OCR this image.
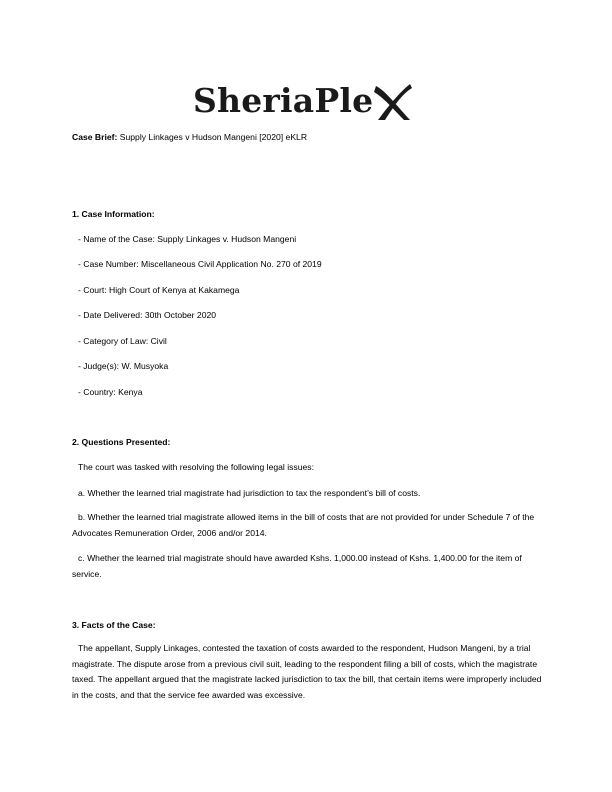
SheriaPle
Case Brief: Supply Linkages v Hudson Mangeni [2020] eKLR
1. Case Information:
- Name of the Case: Supply Linkages v. Hudson Mangeni
- Case Number: Miscellaneous Civil Application No. 270 of 2019
- Court: High Court of Kenya at Kakamega
- Date Delivered: 30th October 2020
- Category of Law: Civil
- Judge(s): W. Musyoka
- Country: Kenya
2. Questions Presented:
The court was tasked with resolving the following legal issues:
a. Whether the learned trial magistrate had jurisdiction to tax the respondent’s bill of costs.
b. Whether the learned trial magistrate allowed items in the bill of costs that are not provided for under Schedule 7 of the Advocates Remuneration Order, 2006 and/or 2014.
c. Whether the learned trial magistrate should have awarded Kshs. 1,000.00 instead of Kshs. 1,400.00 for the item of service.
3. Facts of the Case:
The appellant, Supply Linkages, contested the taxation of costs awarded to the respondent, Hudson Mangeni, by a trial magistrate. The dispute arose from a previous civil suit, leading to the respondent filing a bill of costs, which the magistrate taxed. The appellant argued that the magistrate lacked jurisdiction to tax the bill, that certain items were improperly included in the costs, and that the service fee awarded was excessive.
